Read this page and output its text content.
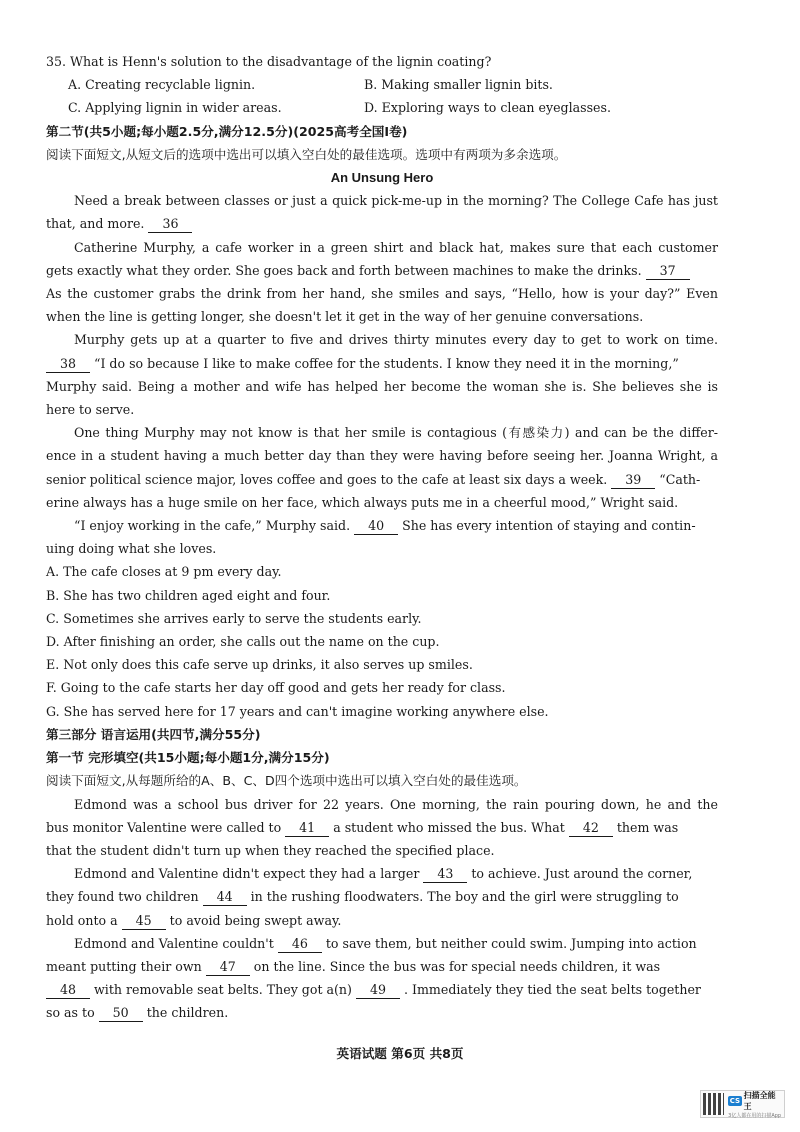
35. What is Henn's solution to the disadvantage of the lignin coating?
A. Creating recyclable lignin.	B. Making smaller lignin bits.
C. Applying lignin in wider areas.	D. Exploring ways to clean eyeglasses.
第二节(共5小题;每小题2.5分,满分12.5分)(2025高考全国Ⅰ卷)
阅读下面短文,从短文后的选项中选出可以填入空白处的最佳选项。选项中有两项为多余选项。
An Unsung Hero
Need a break between classes or just a quick pick-me-up in the morning? The College Cafe has just
that, and more. 36
Catherine Murphy, a cafe worker in a green shirt and black hat, makes sure that each customer
gets exactly what they order. She goes back and forth between machines to make the drinks. 37
As the customer grabs the drink from her hand, she smiles and says, “Hello, how is your day?” Even
when the line is getting longer, she doesn't let it get in the way of her genuine conversations.
Murphy gets up at a quarter to five and drives thirty minutes every day to get to work on time.
38 “I do so because I like to make coffee for the students. I know they need it in the morning,”
Murphy said. Being a mother and wife has helped her become the woman she is. She believes she is
here to serve.
One thing Murphy may not know is that her smile is contagious (有感染力) and can be the differ-
ence in a student having a much better day than they were having before seeing her. Joanna Wright, a
senior political science major, loves coffee and goes to the cafe at least six days a week. 39 “Cath-
erine always has a huge smile on her face, which always puts me in a cheerful mood,” Wright said.
“I enjoy working in the cafe,” Murphy said. 40 She has every intention of staying and contin-
uing doing what she loves.
A. The cafe closes at 9 pm every day.
B. She has two children aged eight and four.
C. Sometimes she arrives early to serve the students early.
D. After finishing an order, she calls out the name on the cup.
E. Not only does this cafe serve up drinks, it also serves up smiles.
F. Going to the cafe starts her day off good and gets her ready for class.
G. She has served here for 17 years and can't imagine working anywhere else.
第三部分 语言运用(共四节,满分55分)
第一节 完形填空(共15小题;每小题1分,满分15分)
阅读下面短文,从每题所给的A、B、C、D四个选项中选出可以填入空白处的最佳选项。
Edmond was a school bus driver for 22 years. One morning, the rain pouring down, he and the
bus monitor Valentine were called to 41 a student who missed the bus. What 42 them was
that the student didn't turn up when they reached the specified place.
Edmond and Valentine didn't expect they had a larger 43 to achieve. Just around the corner,
they found two children 44 in the rushing floodwaters. The boy and the girl were struggling to
hold onto a 45 to avoid being swept away.
Edmond and Valentine couldn't 46 to save them, but neither could swim. Jumping into action
meant putting their own 47 on the line. Since the bus was for special needs children, it was
48 with removable seat belts. They got a(n) 49 . Immediately they tied the seat belts together
so as to 50 the children.
英语试题 第6页 共8页
CS
扫描全能王
3亿人都在用的扫描App
